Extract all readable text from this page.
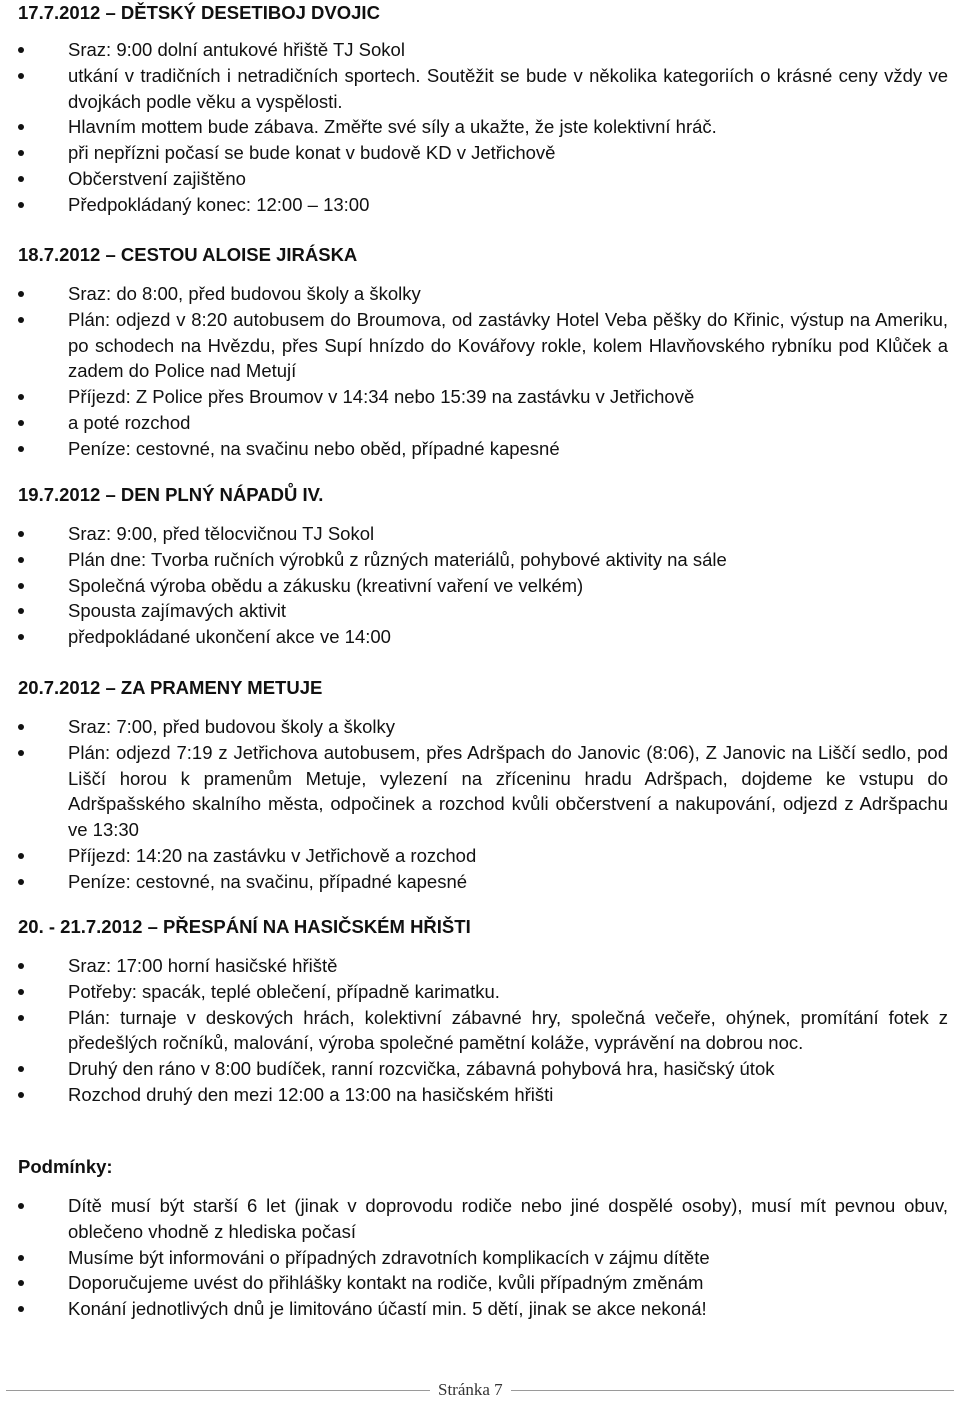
17.7.2012 – DĚTSKÝ DESETIBOJ DVOJIC
Sraz: 9:00 dolní antukové hřiště TJ Sokol
utkání v tradičních i netradičních sportech. Soutěžit se bude v několika kategoriích o krásné ceny vždy ve dvojkách podle věku a vyspělosti.
Hlavním mottem bude zábava. Změřte své síly a ukažte, že jste kolektivní hráč.
při nepřízni počasí se bude konat v budově KD v Jetřichově
Občerstvení zajištěno
Předpokládaný konec: 12:00 – 13:00
18.7.2012 – CESTOU ALOISE JIRÁSKA
Sraz: do 8:00, před budovou školy a školky
Plán: odjezd v 8:20 autobusem do Broumova, od zastávky Hotel Veba pěšky do Křinic, výstup na Ameriku, po schodech na Hvězdu, přes Supí hnízdo do Kovářovy rokle, kolem Hlavňovského rybníku pod Klůček a zadem do Police nad Metují
Příjezd: Z Police přes Broumov v 14:34 nebo 15:39 na zastávku v Jetřichově
a poté rozchod
Peníze: cestovné, na svačinu nebo oběd, případné kapesné
19.7.2012 – DEN PLNÝ NÁPADŮ IV.
Sraz: 9:00, před tělocvičnou TJ Sokol
Plán dne: Tvorba ručních výrobků z různých materiálů, pohybové aktivity na sále
Společná výroba obědu a zákusku (kreativní vaření ve velkém)
Spousta zajímavých aktivit
předpokládané ukončení akce ve 14:00
20.7.2012 – ZA PRAMENY METUJE
Sraz: 7:00, před budovou školy a školky
Plán: odjezd 7:19 z Jetřichova autobusem, přes Adršpach do Janovic (8:06), Z Janovic na Liščí sedlo, pod Liščí horou k pramenům Metuje, vylezení na zříceninu hradu Adršpach, dojdeme ke vstupu do Adršpašského skalního města, odpočinek a rozchod kvůli občerstvení a nakupování, odjezd z Adršpachu ve 13:30
Příjezd: 14:20 na zastávku v Jetřichově a rozchod
Peníze: cestovné, na svačinu, případné kapesné
20. - 21.7.2012 – PŘESPÁNÍ NA HASIČSKÉM HŘIŠTI
Sraz: 17:00 horní hasičské hřiště
Potřeby: spacák, teplé oblečení, případně karimatku.
Plán: turnaje v deskových hrách, kolektivní zábavné hry, společná večeře, ohýnek, promítání fotek z předešlých ročníků, malování, výroba společné pamětní koláže, vyprávění na dobrou noc.
Druhý den ráno v 8:00 budíček, ranní rozcvička, zábavná pohybová hra, hasičský útok
Rozchod druhý den mezi 12:00 a 13:00 na hasičském hřišti
Podmínky:
Dítě musí být starší 6 let (jinak v doprovodu rodiče nebo jiné dospělé osoby), musí mít pevnou obuv, oblečeno vhodně z hlediska počasí
Musíme být informováni o případných zdravotních komplikacích v zájmu dítěte
Doporučujeme uvést do přihlášky kontakt na rodiče, kvůli případným změnám
Konání jednotlivých dnů je limitováno účastí min. 5 dětí, jinak se akce nekoná!
Stránka 7
